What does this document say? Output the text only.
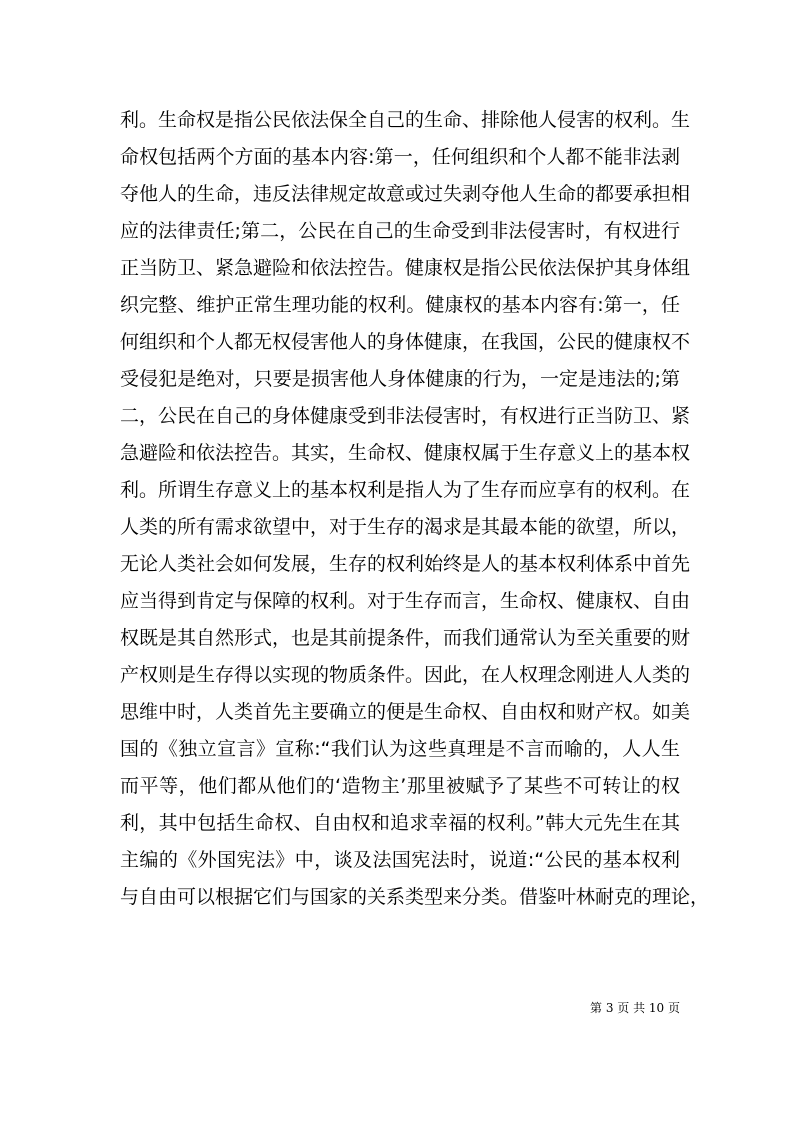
利。生命权是指公民依法保全自己的生命、排除他人侵害的权利。生
命权包括两个方面的基本内容:第一，任何组织和个人都不能非法剥
夺他人的生命，违反法律规定故意或过失剥夺他人生命的都要承担相
应的法律责任;第二，公民在自己的生命受到非法侵害时，有权进行
正当防卫、紧急避险和依法控告。健康权是指公民依法保护其身体组
织完整、维护正常生理功能的权利。健康权的基本内容有:第一，任
何组织和个人都无权侵害他人的身体健康，在我国，公民的健康权不
受侵犯是绝对，只要是损害他人身体健康的行为，一定是违法的;第
二，公民在自己的身体健康受到非法侵害时，有权进行正当防卫、紧
急避险和依法控告。其实，生命权、健康权属于生存意义上的基本权
利。所谓生存意义上的基本权利是指人为了生存而应享有的权利。在
人类的所有需求欲望中，对于生存的渴求是其最本能的欲望，所以，
无论人类社会如何发展，生存的权利始终是人的基本权利体系中首先
应当得到肯定与保障的权利。对于生存而言，生命权、健康权、自由
权既是其自然形式，也是其前提条件，而我们通常认为至关重要的财
产权则是生存得以实现的物质条件。因此，在人权理念刚进人人类的
思维中时，人类首先主要确立的便是生命权、自由权和财产权。如美
国的《独立宣言》宣称:“我们认为这些真理是不言而喻的，人人生
而平等，他们都从他们的‘造物主’那里被赋予了某些不可转让的权
利，其中包括生命权、自由权和追求幸福的权利。”韩大元先生在其
主编的《外国宪法》中，谈及法国宪法时，说道:“公民的基本权利
与自由可以根据它们与国家的关系类型来分类。借鉴叶林耐克的理论，
第 3 页 共 10 页
